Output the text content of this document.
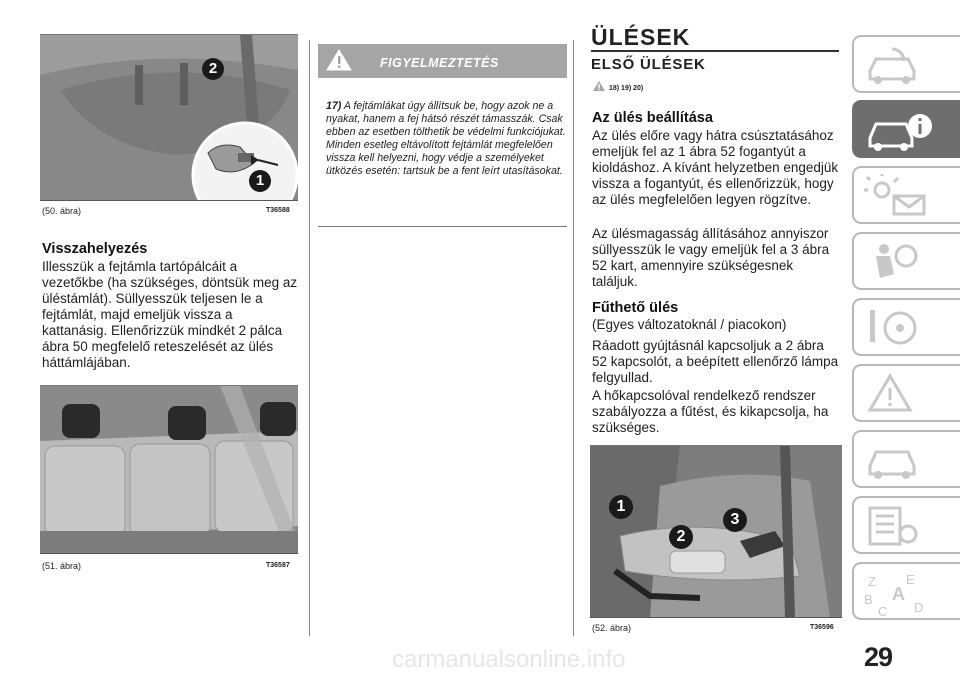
2
1
(50. ábra)	T36588
Visszahelyezés
Illesszük a fejtámla tartópálcáit a vezetőkbe (ha szükséges, döntsük meg az üléstámlát). Süllyesszük teljesen le a fejtámlát, majd emeljük vissza a kattanásig. Ellenőrizzük mindkét 2 pálca ábra 50 megfelelő reteszelését az ülés háttámlájában.
(51. ábra)	T36587
FIGYELMEZTETÉS
17) A fejtámlákat úgy állítsuk be, hogy azok ne a nyakat, hanem a fej hátsó részét támasszák. Csak ebben az esetben tölthetik be védelmi funkciójukat. Minden esetleg eltávolított fejtámlát megfelelően vissza kell helyezni, hogy védje a személyeket ütközés esetén: tartsuk be a fent leírt utasításokat.
ÜLÉSEK
ELSŐ ÜLÉSEK
18) 19) 20)
Az ülés beállítása
Az ülés előre vagy hátra csúsztatásához emeljük fel az 1 ábra 52 fogantyút a kioldáshoz. A kívánt helyzetben engedjük vissza a fogantyút, és ellenőrizzük, hogy az ülés megfelelően legyen rögzítve.
Az ülésmagasság állításához annyiszor süllyesszük le vagy emeljük fel a 3 ábra 52 kart, amennyire szükségesnek találjuk.
Fűthető ülés
(Egyes változatoknál / piacokon)
Ráadott gyújtásnál kapcsoljuk a 2 ábra 52 kapcsolót, a beépített ellenőrző lámpa felgyullad.
A hőkapcsolóval rendelkező rendszer szabályozza a fűtést, és kikapcsolja, ha szükséges.
1
2
3
(52. ábra)	T36596
Z E
B
C D
A
29
carmanualsonline.info
